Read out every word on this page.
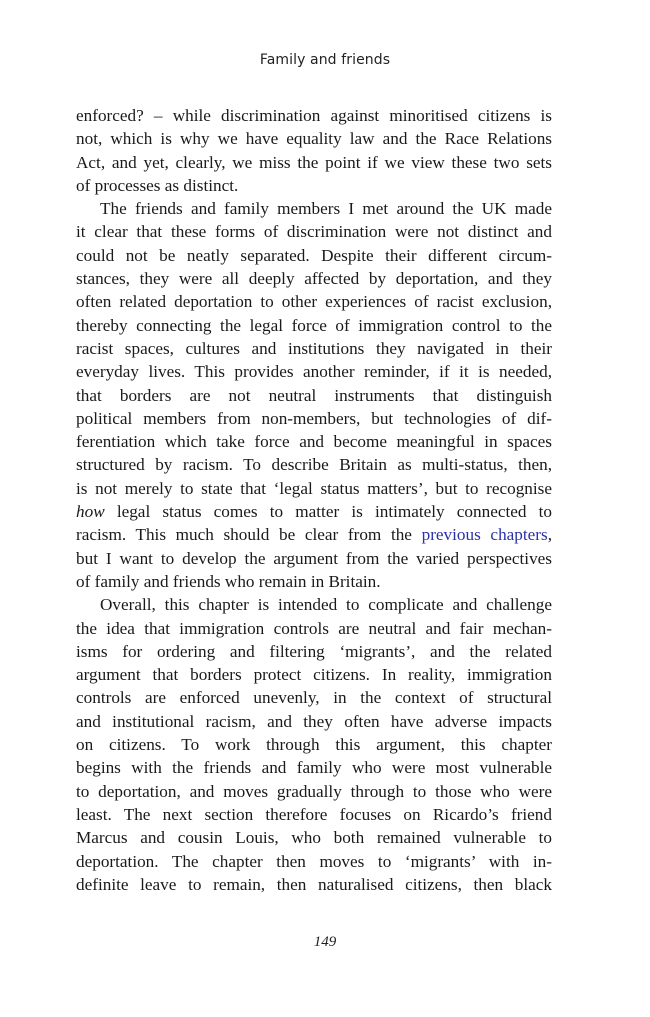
Family and friends
enforced? – while discrimination against minoritised citizens is
not, which is why we have equality law and the Race Relations
Act, and yet, clearly, we miss the point if we view these two sets
of processes as distinct.
The friends and family members I met around the UK made
it clear that these forms of discrimination were not distinct and
could not be neatly separated. Despite their different circum-
stances, they were all deeply affected by deportation, and they
often related deportation to other experiences of racist exclusion,
thereby connecting the legal force of immigration control to the
racist spaces, cultures and institutions they navigated in their
everyday lives. This provides another reminder, if it is needed,
that borders are not neutral instruments that distinguish
political members from non-members, but technologies of dif-
ferentiation which take force and become meaningful in spaces
structured by racism. To describe Britain as multi-status, then,
is not merely to state that ‘legal status matters’, but to recognise
how legal status comes to matter is intimately connected to
racism. This much should be clear from the previous chapters,
but I want to develop the argument from the varied perspectives
of family and friends who remain in Britain.
Overall, this chapter is intended to complicate and challenge
the idea that immigration controls are neutral and fair mechan-
isms for ordering and filtering ‘migrants’, and the related
argument that borders protect citizens. In reality, immigration
controls are enforced unevenly, in the context of structural
and institutional racism, and they often have adverse impacts
on citizens. To work through this argument, this chapter
begins with the friends and family who were most vulnerable
to deportation, and moves gradually through to those who were
least. The next section therefore focuses on Ricardo’s friend
Marcus and cousin Louis, who both remained vulnerable to
deportation. The chapter then moves to ‘migrants’ with in-
definite leave to remain, then naturalised citizens, then black
149
